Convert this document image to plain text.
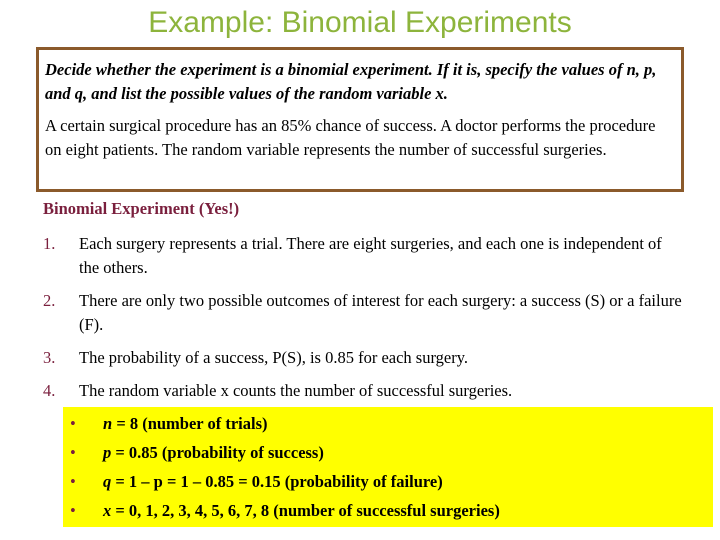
Example: Binomial Experiments

Decide whether the experiment is a binomial experiment. If it is, specify the values of n, p, and q, and list the possible values of the random variable x.

A certain surgical procedure has an 85% chance of success. A doctor performs the procedure on eight patients. The random variable represents the number of successful surgeries.

Binomial Experiment (Yes!)
1. Each surgery represents a trial. There are eight surgeries, and each one is independent of the others.
2. There are only two possible outcomes of interest for each surgery: a success (S) or a failure (F).
3. The probability of a success, P(S), is 0.85 for each surgery.
4. The random variable x counts the number of successful surgeries.
• n = 8 (number of trials)
• p = 0.85 (probability of success)
• q = 1 – p = 1 – 0.85 = 0.15 (probability of failure)
• x = 0, 1, 2, 3, 4, 5, 6, 7, 8 (number of successful surgeries)
